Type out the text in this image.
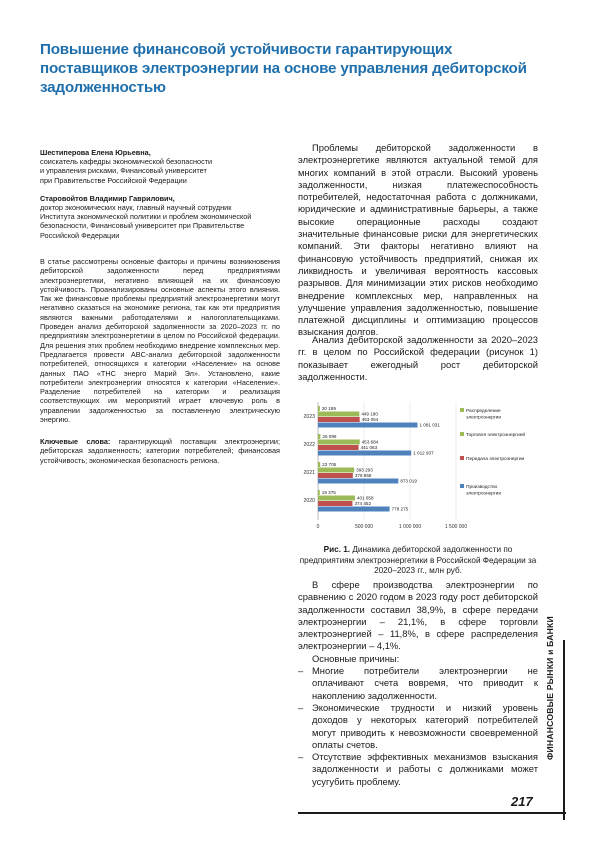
Повышение финансовой устойчивости гарантирующих поставщиков электроэнергии на основе управления дебиторской задолженностью
Шестиперова Елена Юрьевна,
соискатель кафедры экономической безопасности
и управления рисками, Финансовый университет
при Правительстве Российской Федерации
Старовойтов Владимир Гаврилович,
доктор экономических наук, главный научный сотрудник
Института экономической политики и проблем экономической
безопасности, Финансовый университет при Правительстве
Российской Федерации
В статье рассмотрены основные факторы и причины возникновения дебиторской задолженности перед предприятиями электроэнергетики, негативно влияющей на их финансовую устойчивость. Проанализированы основные аспекты этого влияния. Так же финансовые проблемы предприятий электроэнергетики могут негативно сказаться на экономике региона, так как эти предприятия являются важными работодателями и налогоплательщиками. Проведен анализ дебиторской задолженности за 2020–2023 гг. по предприятиям электроэнергетики в целом по Российской федерации. Для решения этих проблем необходимо внедрение комплексных мер. Предлагается провести ABC-анализ дебиторской задолженности потребителей, относящихся к категории «Население» на основе данных ПАО «ТНС энерго Марий Эл». Установлено, какие потребители электроэнергии относятся к категории «Население». Разделение потребителей на категории и реализация соответствующих им мероприятий играет ключевую роль в управлении задолженностью за поставленную электрическую энергию.
Ключевые слова: гарантирующий поставщик электроэнергии; дебиторская задолженность; категории потребителей; финансовая устойчивость; экономическая безопасность региона.
Проблемы дебиторской задолженности в электроэнергетике являются актуальной темой для многих компаний в этой отрасли. Высокий уровень задолженности, низкая платежеспособность потребителей, недостаточная работа с должниками, юридические и административные барьеры, а также высокие операционные расходы создают значительные финансовые риски для энергетических компаний. Эти факторы негативно влияют на финансовую устойчивость предприятий, снижая их ликвидность и увеличивая вероятность кассовых разрывов. Для минимизации этих рисков необходимо внедрение комплексных мер, направленных на улучшение управления задолженностью, повышение платежной дисциплины и оптимизацию процессов взыскания долгов.
Анализ дебиторской задолженности за 2020–2023 гг. в целом по Российской федерации (рисунок 1) показывает ежегодный рост дебиторской задолженности.
0	500 000	1 000 000	1 500 000
2023
20 189
449 180
453 054
1 081 031
2022
26 099
453 684
441 063
1 012 937
2021
23 705
393 293
378 858
873 019
2020
19 375
401 658
374 452
778 275
Распределение
электроэнергии
Торговля электроэнергией
Передача электроэнергии
Производство
электроэнергии
Рис. 1. Динамика дебиторской задолженности по предприятиям электроэнергетики в Российской Федерации за 2020–2023 гг., млн руб.
В сфере производства электроэнергии по сравнению с 2020 годом в 2023 году рост дебиторской задолженности составил 38,9%, в сфере передачи электроэнергии – 21,1%, в сфере торговли электроэнергией – 11,8%, в сфере распределения электроэнергии – 4,1%.
Основные причины:
– Многие потребители электроэнергии не оплачивают счета вовремя, что приводит к накоплению задолженности.
– Экономические трудности и низкий уровень доходов у некоторых категорий потребителей могут приводить к невозможности своевременной оплаты счетов.
– Отсутствие эффективных механизмов взыскания задолженности и работы с должниками может усугубить проблему.
ФИНАНСОВЫЕ РЫНКИ и БАНКИ
217
